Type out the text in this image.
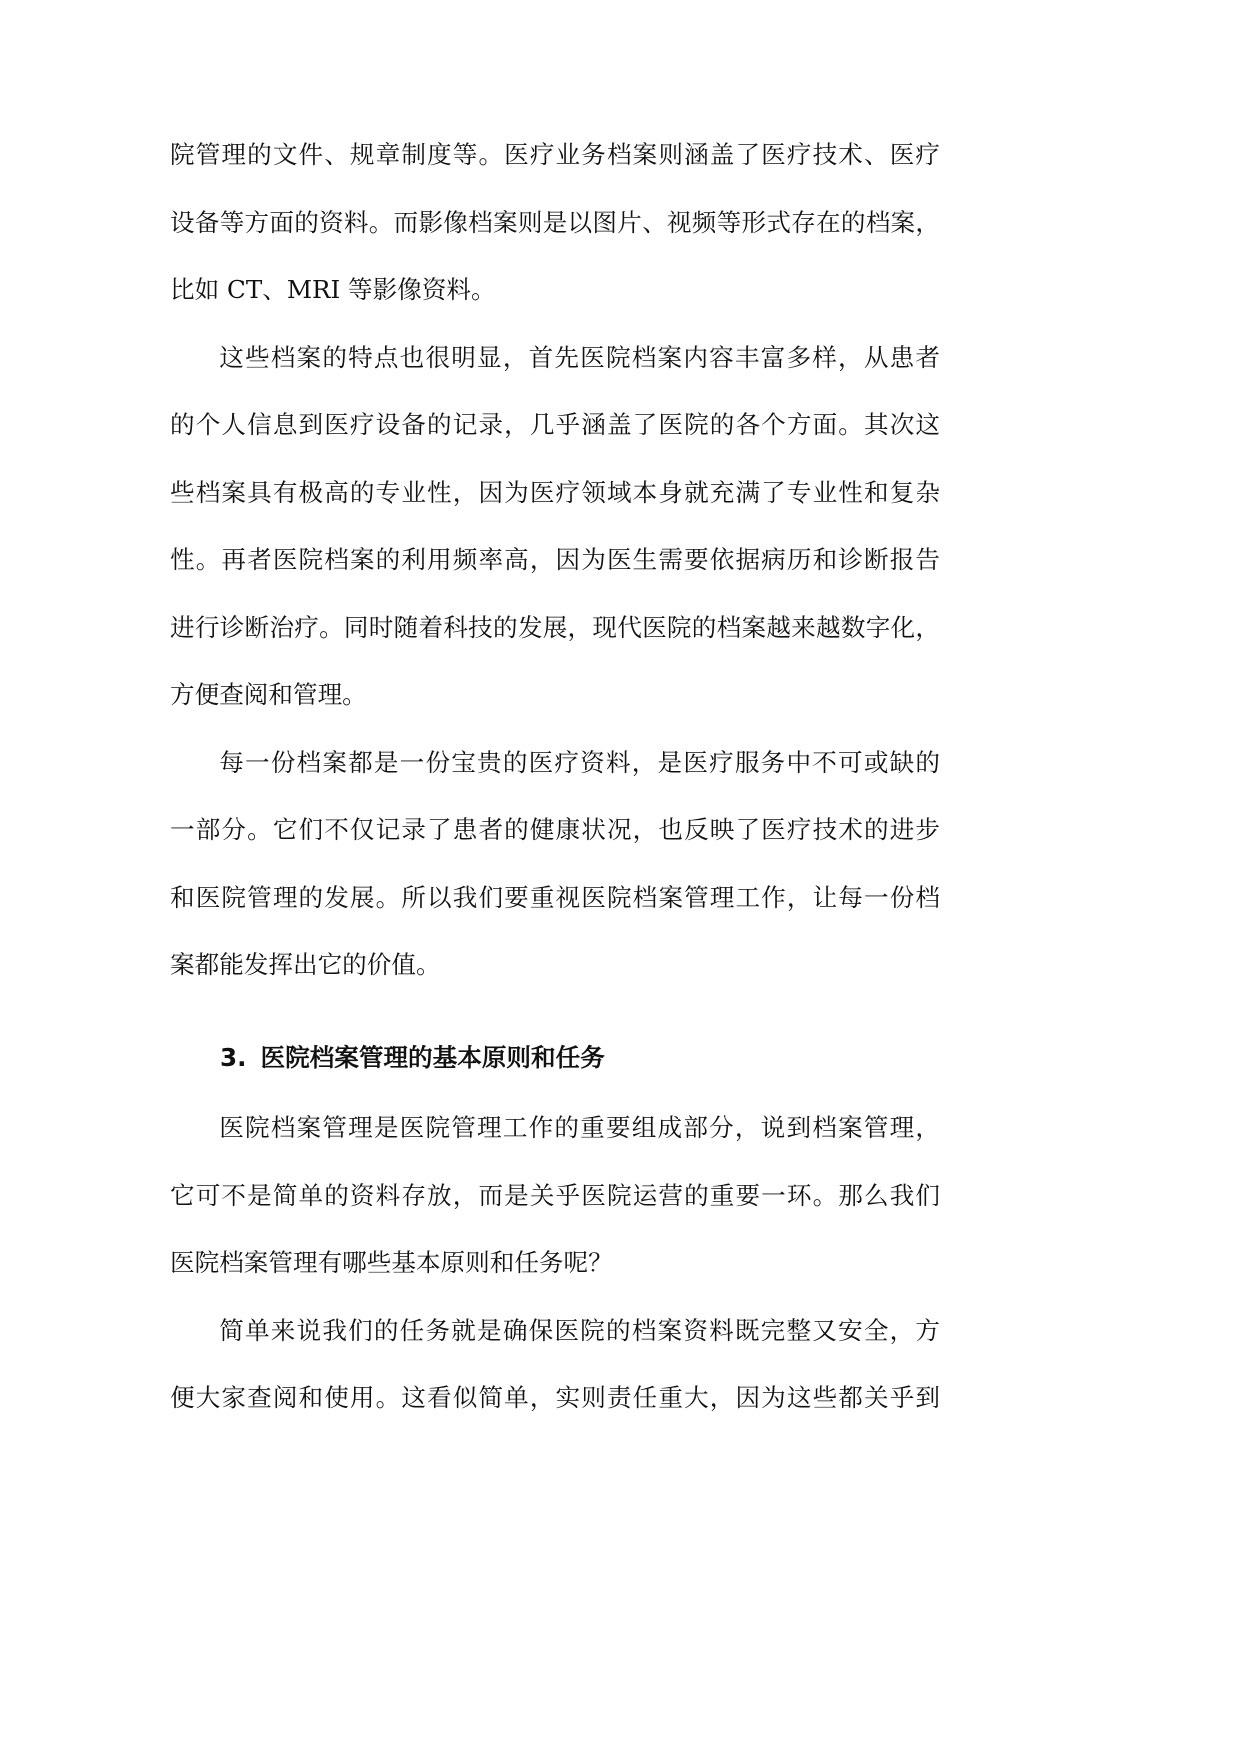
院管理的文件、规章制度等。医疗业务档案则涵盖了医疗技术、医疗
设备等方面的资料。而影像档案则是以图片、视频等形式存在的档案，
比如 CT、MRI 等影像资料。
这些档案的特点也很明显，首先医院档案内容丰富多样，从患者
的个人信息到医疗设备的记录，几乎涵盖了医院的各个方面。其次这
些档案具有极高的专业性，因为医疗领域本身就充满了专业性和复杂
性。再者医院档案的利用频率高，因为医生需要依据病历和诊断报告
进行诊断治疗。同时随着科技的发展，现代医院的档案越来越数字化，
方便查阅和管理。
每一份档案都是一份宝贵的医疗资料，是医疗服务中不可或缺的
一部分。它们不仅记录了患者的健康状况，也反映了医疗技术的进步
和医院管理的发展。所以我们要重视医院档案管理工作，让每一份档
案都能发挥出它的价值。
3. 医院档案管理的基本原则和任务
医院档案管理是医院管理工作的重要组成部分，说到档案管理，
它可不是简单的资料存放，而是关乎医院运营的重要一环。那么我们
医院档案管理有哪些基本原则和任务呢？
简单来说我们的任务就是确保医院的档案资料既完整又安全，方
便大家查阅和使用。这看似简单，实则责任重大，因为这些都关乎到
